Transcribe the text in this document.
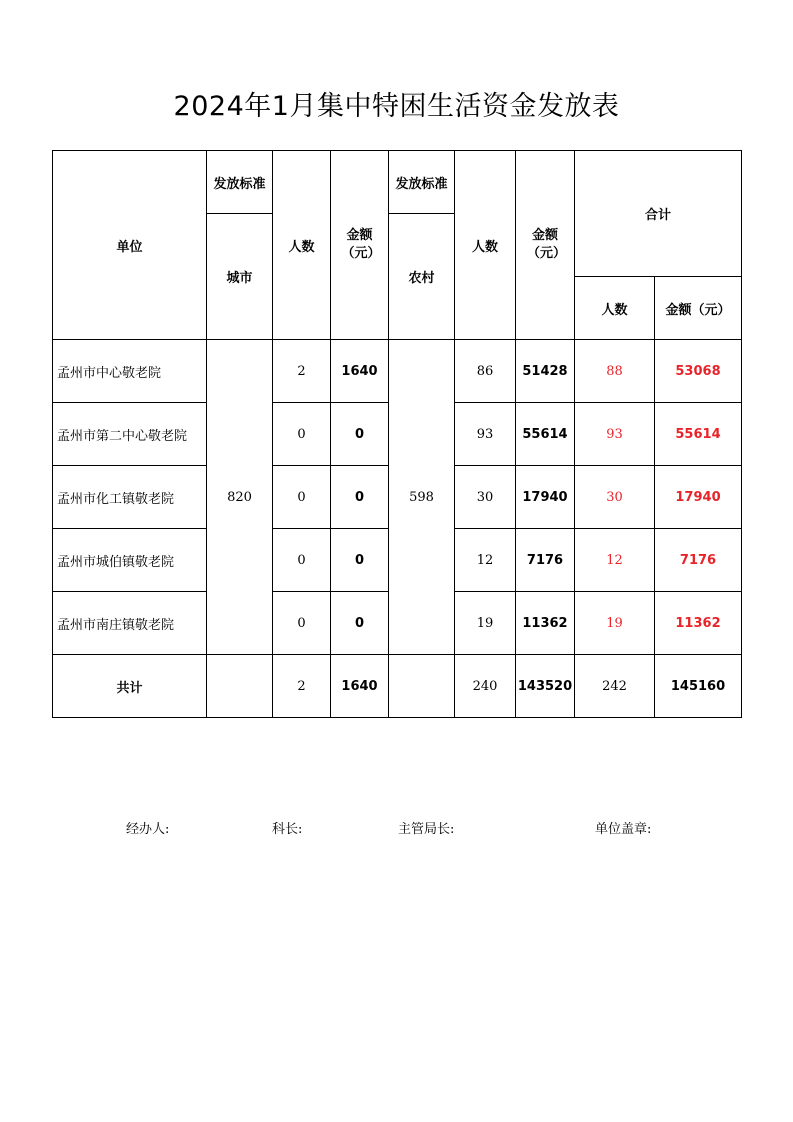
2024年1月集中特困生活资金发放表
单位	发放标准	人数	金额（元）	发放标准	人数	金额（元）	合计	
	城市			农村				
							人数	金额（元）
孟州市中心敬老院	820	2	1640	598	86	51428	88	53068
孟州市第二中心敬老院		0	0		93	55614	93	55614
孟州市化工镇敬老院		0	0		30	17940	30	17940
孟州市城伯镇敬老院		0	0		12	7176	12	7176
孟州市南庄镇敬老院		0	0		19	11362	19	11362
共计		2	1640		240	143520	242	145160
经办人:	科长:	主管局长:	单位盖章:
